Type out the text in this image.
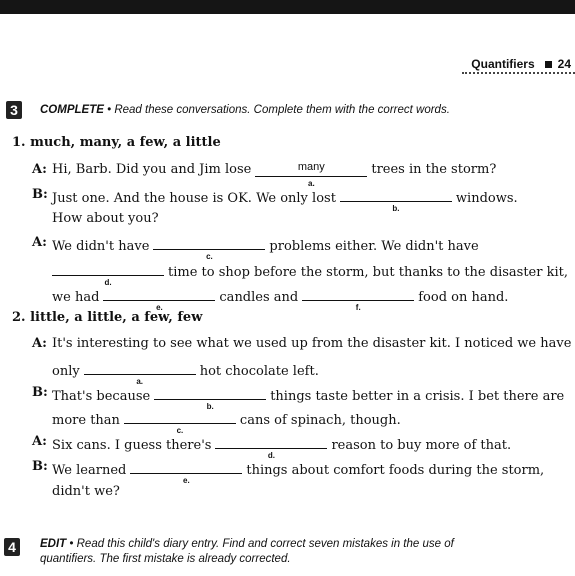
Quantifiers 24
3	COMPLETE • Read these conversations. Complete them with the correct words.
1. much, many, a few, a little
A: Hi, Barb. Did you and Jim lose	$^{many}$
a.
trees in the storm?
B: Just one. And the house is OK. We only lost
b.
windows.
How about you?
A: We didn't have
c.
problems either. We didn't have
d.
time to shop before the storm, but thanks to the disaster kit,
we had
e.
candles and
f.
food on hand.
2. little, a little, a few, few
A: It's interesting to see what we used up from the disaster kit. I noticed we have
only
a.
hot chocolate left.
B: That's because
b.
things taste better in a crisis. I bet there are
more than
c.
cans of spinach, though.
A: Six cans. I guess there's
d.
reason to buy more of that.
B: We learned
e.
things about comfort foods during the storm,
didn't we?
4	EDIT • Read this child's diary entry. Find and correct seven mistakes in the use of
quantifiers. The first mistake is already corrected.
